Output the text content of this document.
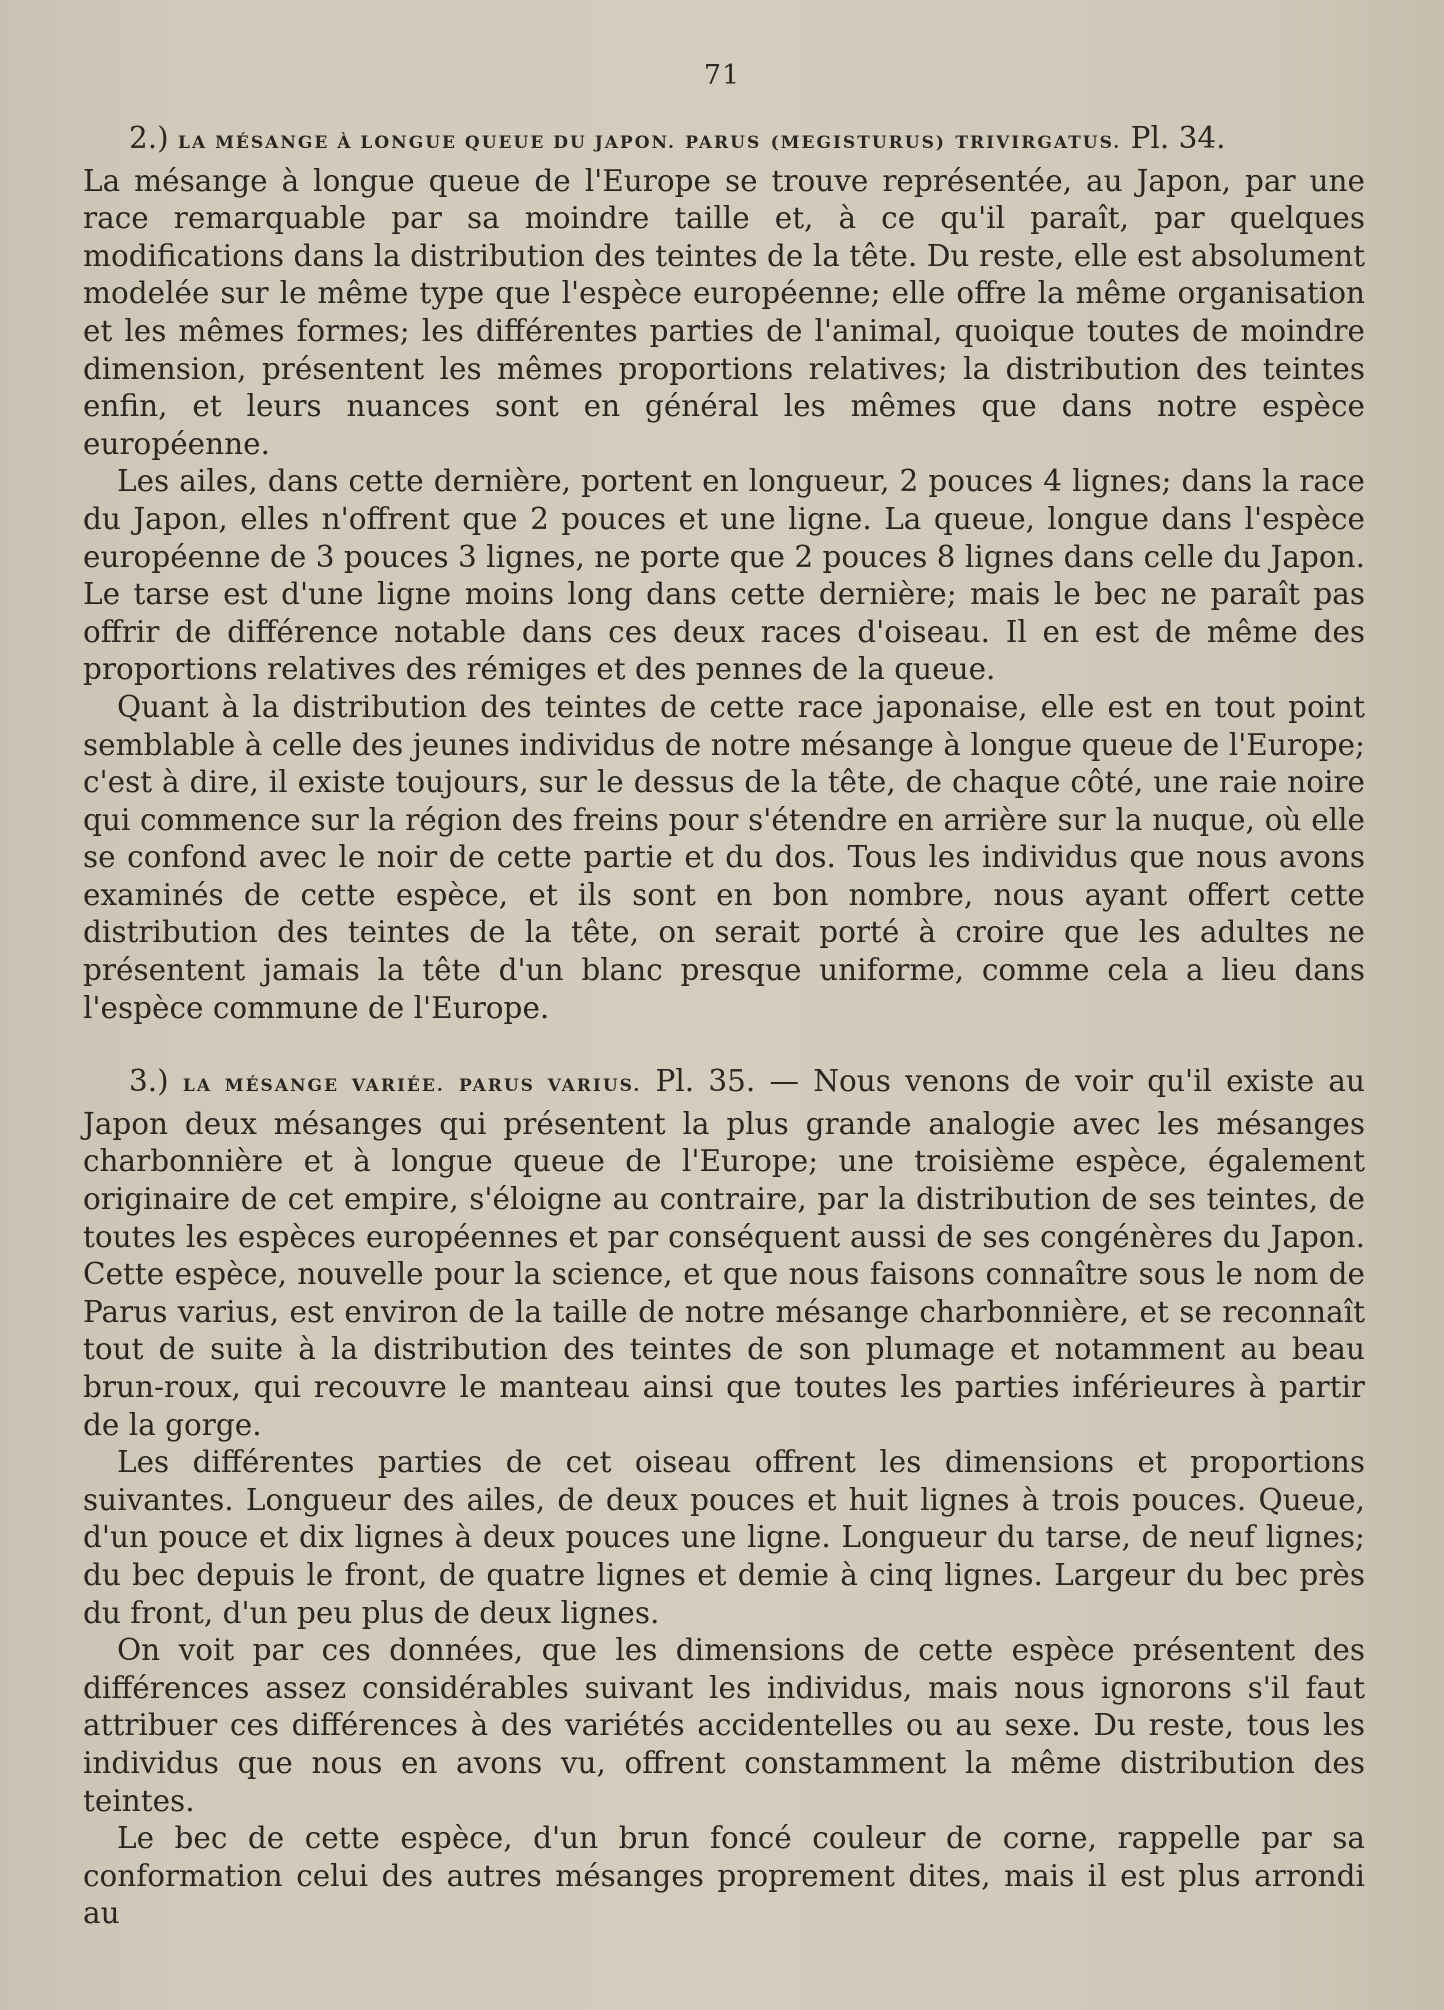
71

2.) LA MÉSANGE À LONGUE QUEUE DU JAPON. PARUS (MEGISTURUS) TRIVIRGATUS. Pl. 34.

La mésange à longue queue de l'Europe se trouve représentée, au Japon, par une race remarquable par sa moindre taille et, à ce qu'il paraît, par quelques modifications dans la distribution des teintes de la tête. Du reste, elle est absolument modelée sur le même type que l'espèce européenne; elle offre la même organisation et les mêmes formes; les différentes parties de l'animal, quoique toutes de moindre dimension, présentent les mêmes proportions relatives; la distribution des teintes enfin, et leurs nuances sont en général les mêmes que dans notre espèce européenne.

Les ailes, dans cette dernière, portent en longueur, 2 pouces 4 lignes; dans la race du Japon, elles n'offrent que 2 pouces et une ligne. La queue, longue dans l'espèce européenne de 3 pouces 3 lignes, ne porte que 2 pouces 8 lignes dans celle du Japon. Le tarse est d'une ligne moins long dans cette dernière; mais le bec ne paraît pas offrir de différence notable dans ces deux races d'oiseau. Il en est de même des proportions relatives des rémiges et des pennes de la queue.

Quant à la distribution des teintes de cette race japonaise, elle est en tout point semblable à celle des jeunes individus de notre mésange à longue queue de l'Europe; c'est à dire, il existe toujours, sur le dessus de la tête, de chaque côté, une raie noire qui commence sur la région des freins pour s'étendre en arrière sur la nuque, où elle se confond avec le noir de cette partie et du dos. Tous les individus que nous avons examinés de cette espèce, et ils sont en bon nombre, nous ayant offert cette distribution des teintes de la tête, on serait porté à croire que les adultes ne présentent jamais la tête d'un blanc presque uniforme, comme cela a lieu dans l'espèce commune de l'Europe.

3.) LA MÉSANGE VARIÉE. PARUS VARIUS. Pl. 35. — Nous venons de voir qu'il existe au Japon deux mésanges qui présentent la plus grande analogie avec les mésanges charbonnière et à longue queue de l'Europe; une troisième espèce, également originaire de cet empire, s'éloigne au contraire, par la distribution de ses teintes, de toutes les espèces européennes et par conséquent aussi de ses congénères du Japon. Cette espèce, nouvelle pour la science, et que nous faisons connaître sous le nom de Parus varius, est environ de la taille de notre mésange charbonnière, et se reconnaît tout de suite à la distribution des teintes de son plumage et notamment au beau brun-roux, qui recouvre le manteau ainsi que toutes les parties inférieures à partir de la gorge.

Les différentes parties de cet oiseau offrent les dimensions et proportions suivantes. Longueur des ailes, de deux pouces et huit lignes à trois pouces. Queue, d'un pouce et dix lignes à deux pouces une ligne. Longueur du tarse, de neuf lignes; du bec depuis le front, de quatre lignes et demie à cinq lignes. Largeur du bec près du front, d'un peu plus de deux lignes.

On voit par ces données, que les dimensions de cette espèce présentent des différences assez considérables suivant les individus, mais nous ignorons s'il faut attribuer ces différences à des variétés accidentelles ou au sexe. Du reste, tous les individus que nous en avons vu, offrent constamment la même distribution des teintes.

Le bec de cette espèce, d'un brun foncé couleur de corne, rappelle par sa conformation celui des autres mésanges proprement dites, mais il est plus arrondi au
